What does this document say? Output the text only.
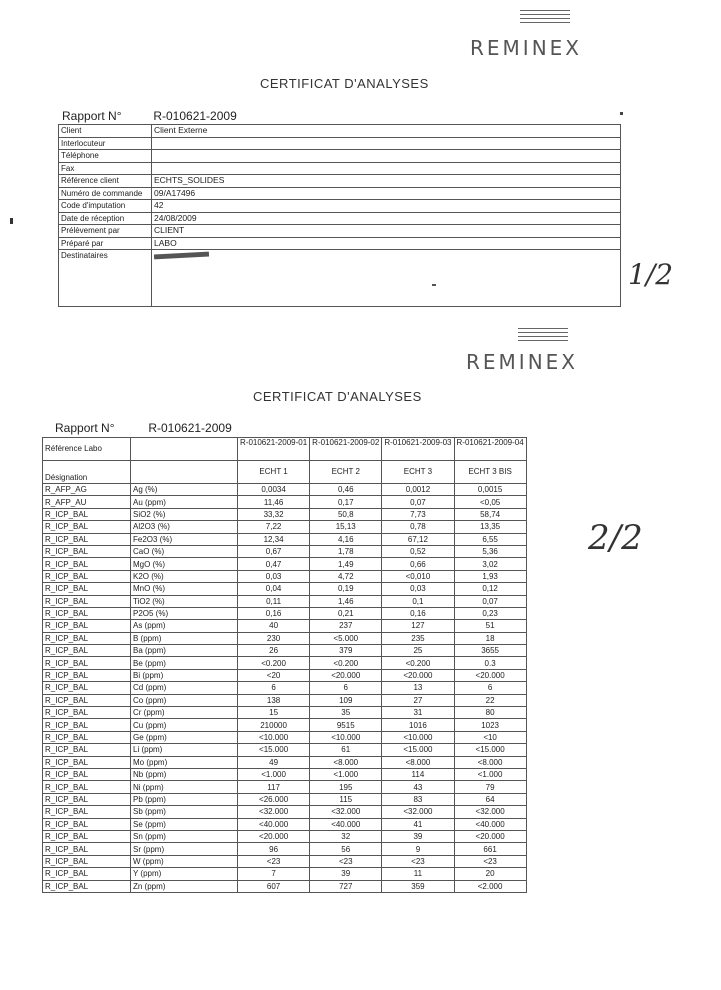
REMINEX
CERTIFICAT D'ANALYSES
Rapport N°	R-010621-2009
Client	Client Externe
Interlocuteur	
Téléphone	
Fax	
Référence client	ECHTS_SOLIDES
Numéro de commande	09/A17496
Code d'imputation	42
Date de réception	24/08/2009
Prélèvement par	CLIENT
Préparé par	LABO
Destinataires	
1/2
REMINEX
CERTIFICAT D'ANALYSES
Rapport N°	R-010621-2009
2/2
Référence Labo		R-010621-2009-01	R-010621-2009-02	R-010621-2009-03	R-010621-2009-04
Désignation		ECHT 1	ECHT 2	ECHT 3	ECHT 3 BIS
R_AFP_AG	Ag (%)	0,0034	0,46	0,0012	0,0015
R_AFP_AU	Au (ppm)	11,46	0,17	0,07	<0,05
R_ICP_BAL	SiO2 (%)	33,32	50,8	7,73	58,74
R_ICP_BAL	Al2O3 (%)	7,22	15,13	0,78	13,35
R_ICP_BAL	Fe2O3 (%)	12,34	4,16	67,12	6,55
R_ICP_BAL	CaO (%)	0,67	1,78	0,52	5,36
R_ICP_BAL	MgO (%)	0,47	1,49	0,66	3,02
R_ICP_BAL	K2O (%)	0,03	4,72	<0,010	1,93
R_ICP_BAL	MnO (%)	0,04	0,19	0,03	0,12
R_ICP_BAL	TiO2 (%)	0,11	1,46	0,1	0,07
R_ICP_BAL	P2O5 (%)	0,16	0,21	0,16	0,23
R_ICP_BAL	As (ppm)	40	237	127	51
R_ICP_BAL	B (ppm)	230	<5.000	235	18
R_ICP_BAL	Ba (ppm)	26	379	25	3655
R_ICP_BAL	Be (ppm)	<0.200	<0.200	<0.200	0.3
R_ICP_BAL	Bi (ppm)	<20	<20.000	<20.000	<20.000
R_ICP_BAL	Cd (ppm)	6	6	13	6
R_ICP_BAL	Co (ppm)	138	109	27	22
R_ICP_BAL	Cr (ppm)	15	35	31	80
R_ICP_BAL	Cu (ppm)	210000	9515	1016	1023
R_ICP_BAL	Ge (ppm)	<10.000	<10.000	<10.000	<10
R_ICP_BAL	Li (ppm)	<15.000	61	<15.000	<15.000
R_ICP_BAL	Mo (ppm)	49	<8.000	<8.000	<8.000
R_ICP_BAL	Nb (ppm)	<1.000	<1.000	114	<1.000
R_ICP_BAL	Ni (ppm)	117	195	43	79
R_ICP_BAL	Pb (ppm)	<26.000	115	83	64
R_ICP_BAL	Sb (ppm)	<32.000	<32.000	<32.000	<32.000
R_ICP_BAL	Se (ppm)	<40.000	<40.000	41	<40.000
R_ICP_BAL	Sn (ppm)	<20.000	32	39	<20.000
R_ICP_BAL	Sr (ppm)	96	56	9	661
R_ICP_BAL	W (ppm)	<23	<23	<23	<23
R_ICP_BAL	Y (ppm)	7	39	11	20
R_ICP_BAL	Zn (ppm)	607	727	359	<2.000
